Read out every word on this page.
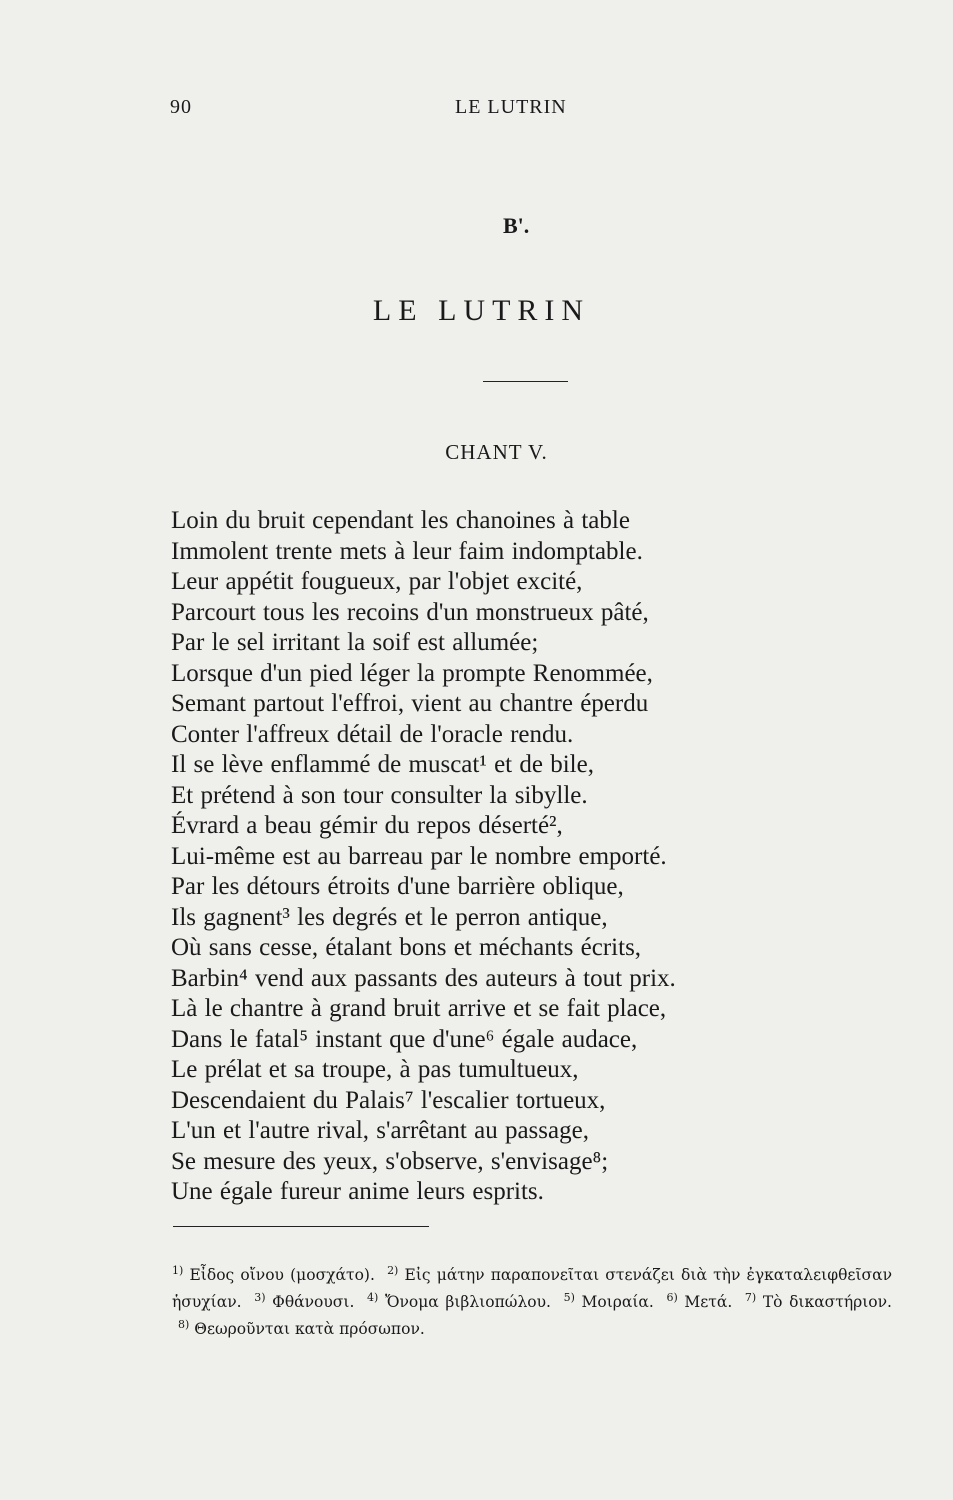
90	LE LUTRIN
B'.
LE LUTRIN
CHANT V.
Loin du bruit cependant les chanoines à table
Immolent trente mets à leur faim indomptable.
Leur appétit fougueux, par l'objet excité,
Parcourt tous les recoins d'un monstrueux pâté,
Par le sel irritant la soif est allumée;
Lorsque d'un pied léger la prompte Renommée,
Semant partout l'effroi, vient au chantre éperdu
Conter l'affreux détail de l'oracle rendu.
Il se lève enflammé de muscat¹ et de bile,
Et prétend à son tour consulter la sibylle.
Évrard a beau gémir du repos déserté²,
Lui-même est au barreau par le nombre emporté.
Par les détours étroits d'une barrière oblique,
Ils gagnent³ les degrés et le perron antique,
Où sans cesse, étalant bons et méchants écrits,
Barbin⁴ vend aux passants des auteurs à tout prix.
Là le chantre à grand bruit arrive et se fait place,
Dans le fatal⁵ instant que d'une⁶ égale audace,
Le prélat et sa troupe, à pas tumultueux,
Descendaient du Palais⁷ l'escalier tortueux,
L'un et l'autre rival, s'arrêtant au passage,
Se mesure des yeux, s'observe, s'envisage⁸;
Une égale fureur anime leurs esprits.
$^{1)}$ Εἶδος οἴνου (μοσχάτο). $^{2)}$ Εἰς μάτην παραπονεῖται στενάζει διὰ τὴν ἐγκαταλειφθεῖσαν ἡσυχίαν. $^{3)}$ Φθάνουσι. $^{4)}$ Ὄνομα βιβλιοπώλου. $^{5)}$ Μοιραία. $^{6)}$ Μετά. $^{7)}$ Τὸ δικαστήριον. $^{8)}$ Θεωροῦνται κατὰ πρόσωπον.
